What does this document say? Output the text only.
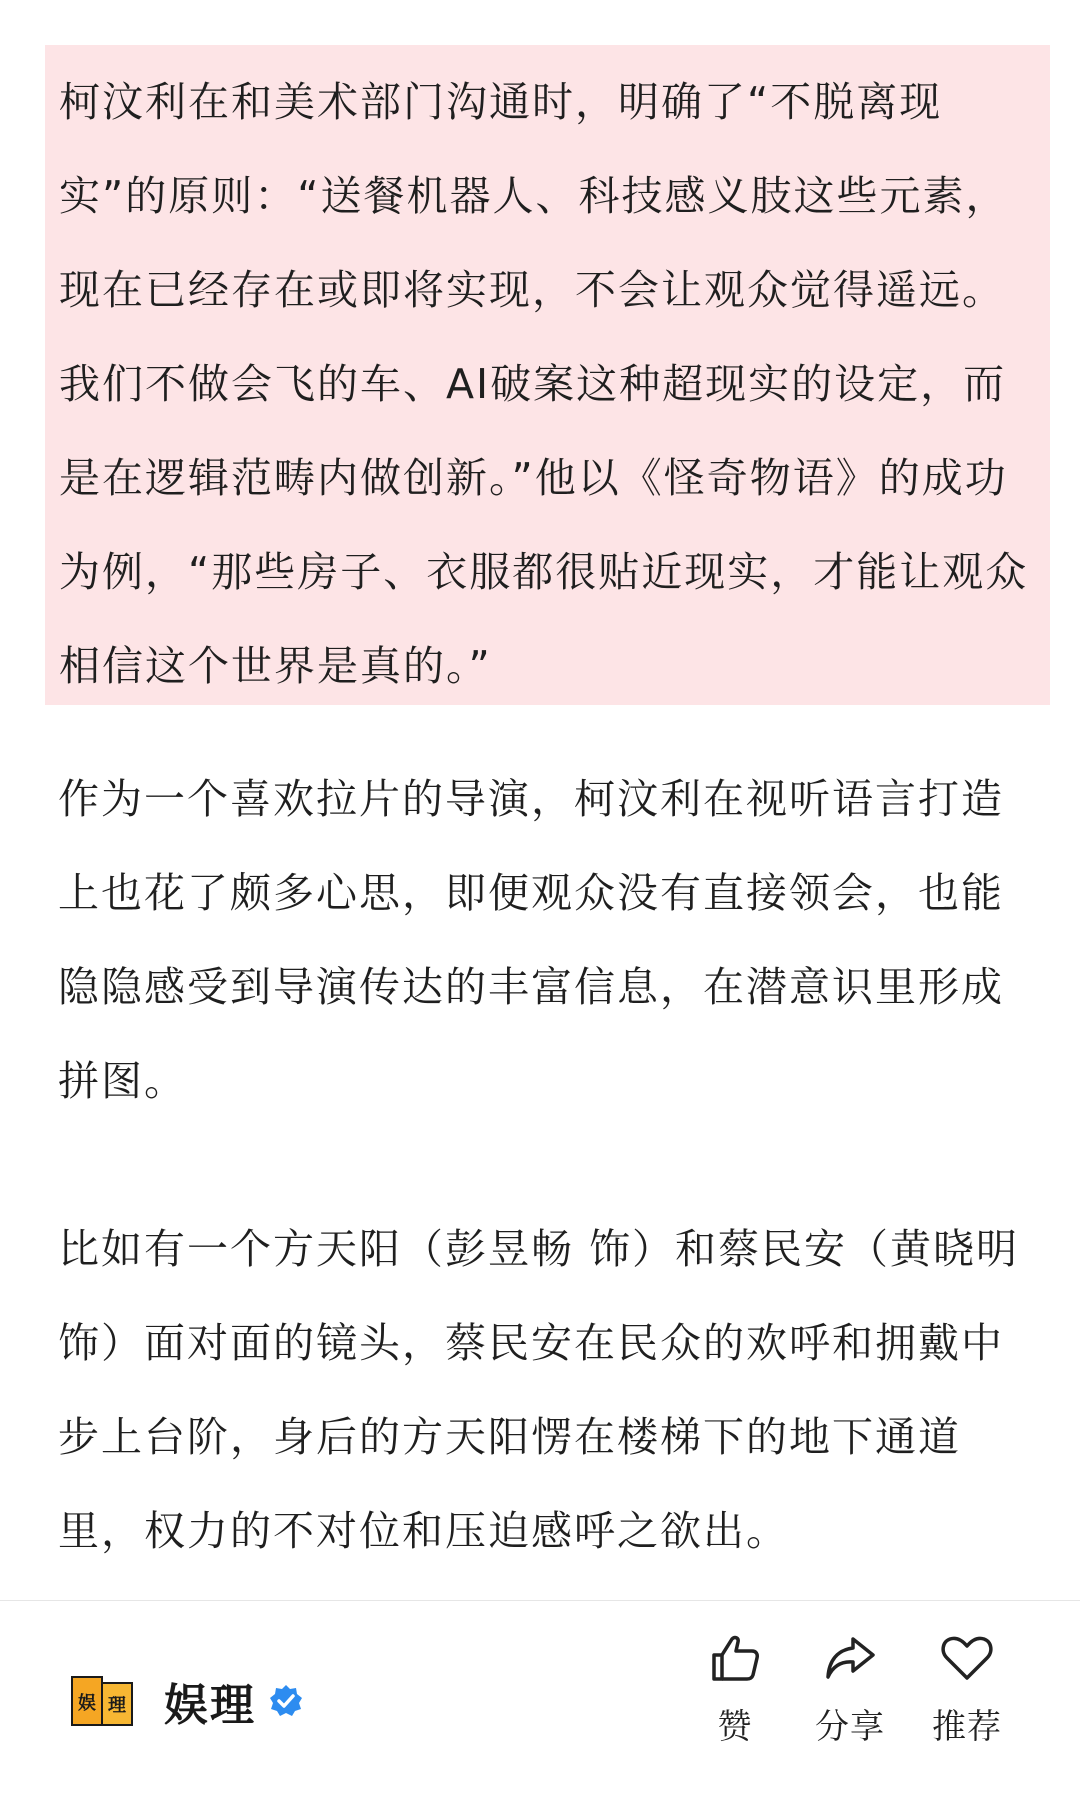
柯汶利在和美术部门沟通时，明确了“不脱离现实”的原则：“送餐机器人、科技感义肢这些元素，现在已经存在或即将实现，不会让观众觉得遥远。我们不做会飞的车、AI破案这种超现实的设定，而是在逻辑范畴内做创新。”他以《怪奇物语》的成功为例，“那些房子、衣服都很贴近现实，才能让观众相信这个世界是真的。”

作为一个喜欢拉片的导演，柯汶利在视听语言打造上也花了颇多心思，即便观众没有直接领会，也能隐隐感受到导演传达的丰富信息，在潜意识里形成拼图。

比如有一个方天阳（彭昱畅 饰）和蔡民安（黄晓明 饰）面对面的镜头，蔡民安在民众的欢呼和拥戴中步上台阶，身后的方天阳愣在楼梯下的地下通道里，权力的不对位和压迫感呼之欲出。

娱 理 娱理	赞	分享	推荐
